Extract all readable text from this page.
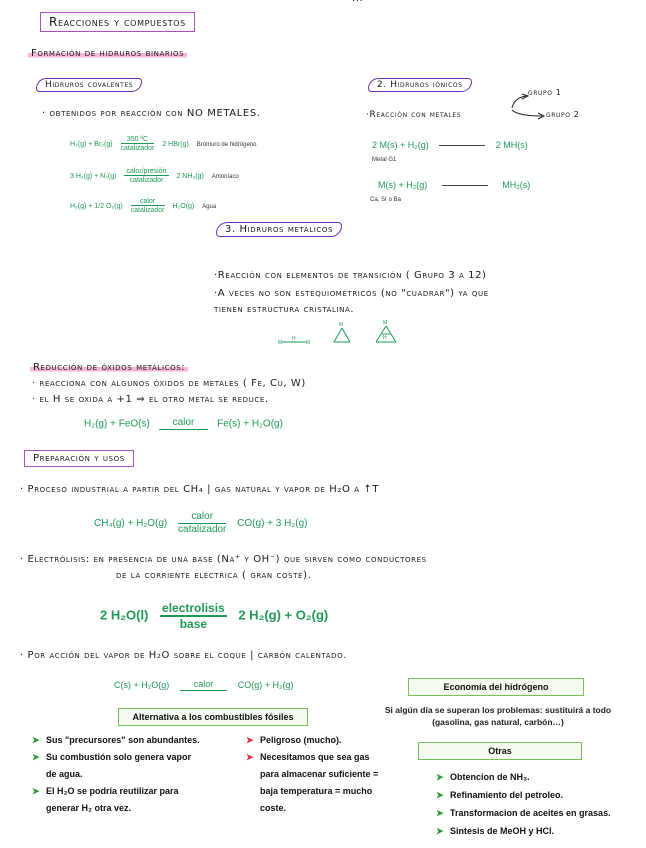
Reacciones y compuestos
Formación de hidruros binarios
Hidruros covalentes
· obtenidos por reacción con NO METALES.
H₂(g) + Br₂(g)
350 ºC
catalizador
2 HBr(g) Bromuro de hidrógeno
3 H₂(g) + N₂(g)
calor/presión
catalizador
2 NH₃(g) Amoníaco
H₂(g) + 1/2 O₂(g)
calor
catalizador
H₂O(g) Agua
2. Hidruros iónicos
grupo 1
grupo 2
·Reacción con metales
2 M(s) + H₂(g)	2 MH(s)
Metal G1
M(s) + H₂(g)	MH₂(s)
Ca, Sr o Ba
3. Hidruros metálicos
·Reacción con elementos de transición ( Grupo 3 a 12)
·A veces no son estequiométricos (no "cuadrar") ya que
tienen estructura cristalina.
M
H
M
M	M
H
Reducción de óxidos metálicos:
· reacciona con algunos óxidos de metales ( Fe, Cu, W)
· el H se oxida a +1 ⇒ el otro metal se reduce.
H₂(g) + FeO(s)	calor	Fe(s) + H₂O(g)
Preparación y usos
· Proceso industrial a partir del CH₄ | gas natural y vapor de H₂O a ↑T
CH₄(g) + H₂O(g)
calor
catalizador CO(g) + 3 H₂(g)
· Electrólisis: en presencia de una base (Na⁺ y OH⁻) que sirven como conductores
de la corriente eléctrica ( gran coste).
2 H₂O(l) electrolisis
base
2 H₂(g) + O₂(g)
· Por acción del vapor de H₂O sobre el coque | carbón calentado.
C(s) + H₂O(g)	calor	CO(g) + H₂(g)	Economía del hidrógeno
Si algún día se superan los problemas: sustituirá a todo (gasolina, gas natural, carbón…)
Alternativa a los combustibles fósiles
➤ Sus "precursores" son abundantes.
➤ Su combustión solo genera vapor
de agua.
➤ El H₂O se podría reutilizar para
generar H₂ otra vez.
➤ Peligroso (mucho).
➤ Necesitamos que sea gas
para almacenar suficiente =
baja temperatura = mucho
coste.
Otras
➤ Obtencion de NH₃.
➤ Refinamiento del petroleo.
➤ Transformacion de aceites en grasas.
➤ Sintesis de MeOH y HCl.
